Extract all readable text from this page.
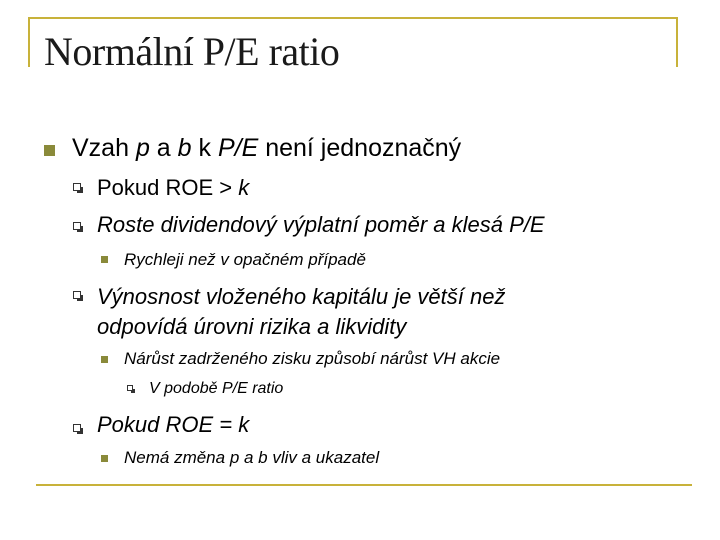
Normální P/E ratio
Vzah p a b k P/E není jednoznačný
Pokud ROE > k
Roste dividendový výplatní poměr a klesá P/E
Rychleji než v opačném případě
Výnosnost vloženého kapitálu je větší než
odpovídá úrovni rizika a likvidity
Nárůst zadrženého zisku způsobí nárůst VH akcie
V podobě P/E ratio
Pokud ROE = k
Nemá změna p a b vliv a ukazatel
